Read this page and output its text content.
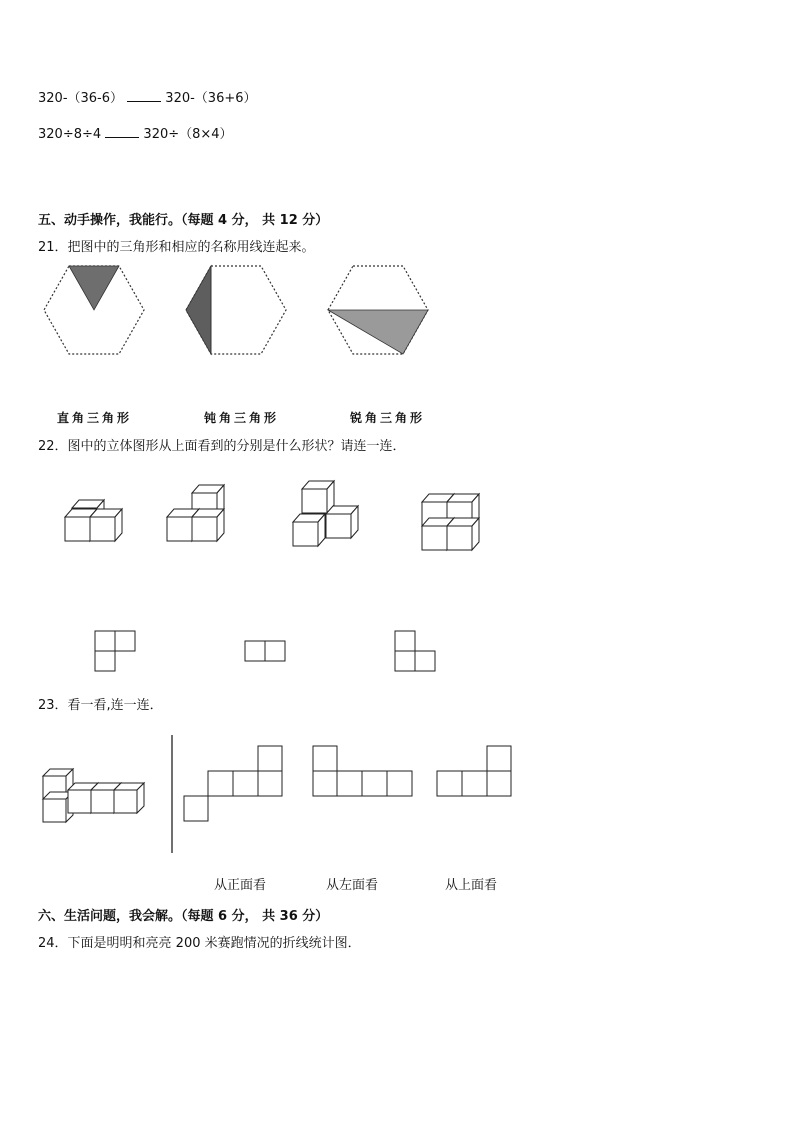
320-（36-6）	320-（36+6）
320÷8÷4	320÷（8×4）
五、动手操作，我能行。（每题 4 分， 共 12 分）
21．把图中的三角形和相应的名称用线连起来。
直角三角形	钝角三角形	锐角三角形
22．图中的立体图形从上面看到的分别是什么形状？请连一连．
23．看一看,连一连．
从正面看	从左面看	从上面看
六、生活问题，我会解。（每题 6 分， 共 36 分）
24．下面是明明和亮亮 200 米赛跑情况的折线统计图．
